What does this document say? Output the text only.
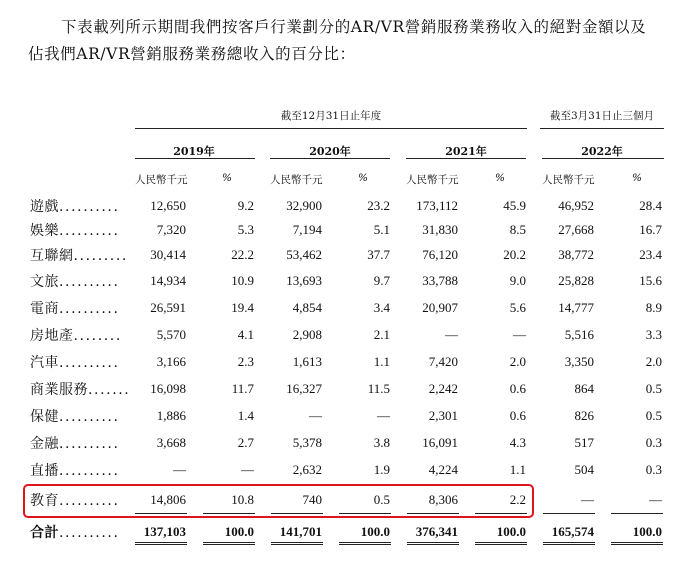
下表載列所示期間我們按客戶行業劃分的AR/VR營銷服務業務收入的絕對金額以及
佔我們AR/VR營銷服務業務總收入的百分比：
截至12月31日止年度	截至3月31日止三個月
2019年	2020年	2021年	2022年
人民幣千元	%	人民幣千元	%	人民幣千元	%	人民幣千元	%
遊戲..........	12,650	9.2	32,900	23.2	173,112	45.9	46,952	28.4
娛樂..........	7,320	5.3	7,194	5.1	31,830	8.5	27,668	16.7
互聯網.........	30,414	22.2	53,462	37.7	76,120	20.2	38,772	23.4
文旅..........	14,934	10.9	13,693	9.7	33,788	9.0	25,828	15.6
電商..........	26,591	19.4	4,854	3.4	20,907	5.6	14,777	8.9
房地產........	5,570	4.1	2,908	2.1	—	—	5,516	3.3
汽車..........	3,166	2.3	1,613	1.1	7,420	2.0	3,350	2.0
商業服務.......	16,098	11.7	16,327	11.5	2,242	0.6	864	0.5
保健..........	1,886	1.4	—	—	2,301	0.6	826	0.5
金融..........	3,668	2.7	5,378	3.8	16,091	4.3	517	0.3
直播..........	—	—	2,632	1.9	4,224	1.1	504	0.3
教育..........	14,806	10.8	740	0.5	8,306	2.2	—	—
合計..........	137,103	100.0	141,701	100.0	376,341	100.0	165,574	100.0
